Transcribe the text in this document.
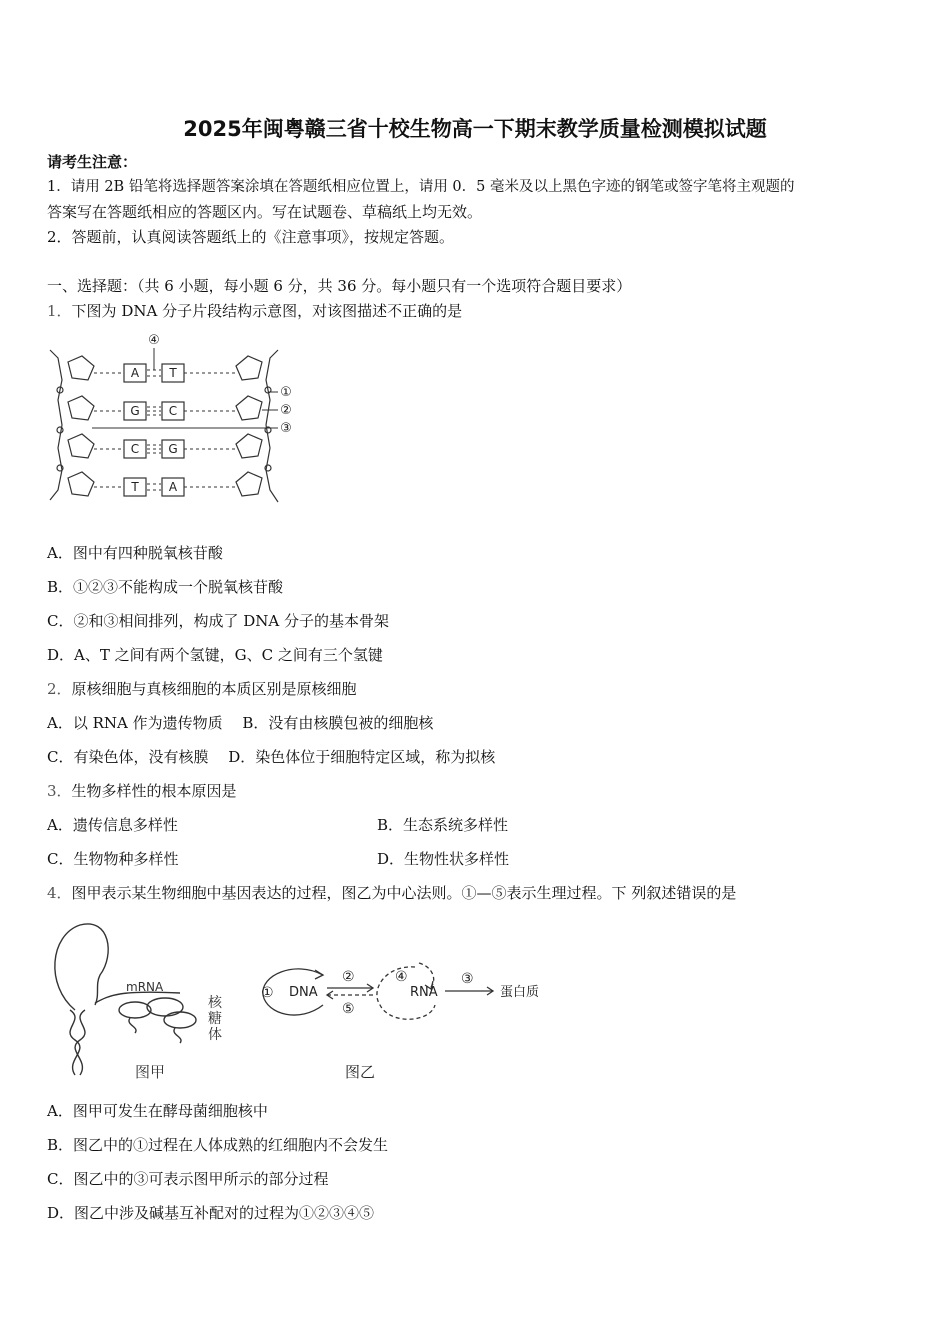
2025年闽粤赣三省十校生物高一下期末教学质量检测模拟试题
请考生注意：
1．请用 2B 铅笔将选择题答案涂填在答题纸相应位置上，请用 0．5 毫米及以上黑色字迹的钢笔或签字笔将主观题的
答案写在答题纸相应的答题区内。写在试题卷、草稿纸上均无效。
2．答题前，认真阅读答题纸上的《注意事项》，按规定答题。
一、选择题：（共 6 小题，每小题 6 分，共 36 分。每小题只有一个选项符合题目要求）
1．下图为 DNA 分子片段结构示意图，对该图描述不正确的是
A
G
C
T
T
C
G
A
①
②
③
④
A．图中有四种脱氧核苷酸
B．①②③不能构成一个脱氧核苷酸
C．②和③相间排列，构成了 DNA 分子的基本骨架
D．A、T 之间有两个氢键，G、C 之间有三个氢键
2．原核细胞与真核细胞的本质区别是原核细胞
A．以 RNA 作为遗传物质 　B．没有由核膜包被的细胞核
C．有染色体，没有核膜 　D．染色体位于细胞特定区域，称为拟核
3．生物多样性的根本原因是
A．遗传信息多样性	B．生态系统多样性
C．生物物种多样性	D．生物性状多样性
4．图甲表示某生物细胞中基因表达的过程，图乙为中心法则。①—⑤表示生理过程。下 列叙述错误的是
mRNA
核
糖
体
图甲
DNA	RNA	蛋白质
①
②	③
④
⑤
图乙
A．图甲可发生在酵母菌细胞核中
B．图乙中的①过程在人体成熟的红细胞内不会发生
C．图乙中的③可表示图甲所示的部分过程
D．图乙中涉及碱基互补配对的过程为①②③④⑤
